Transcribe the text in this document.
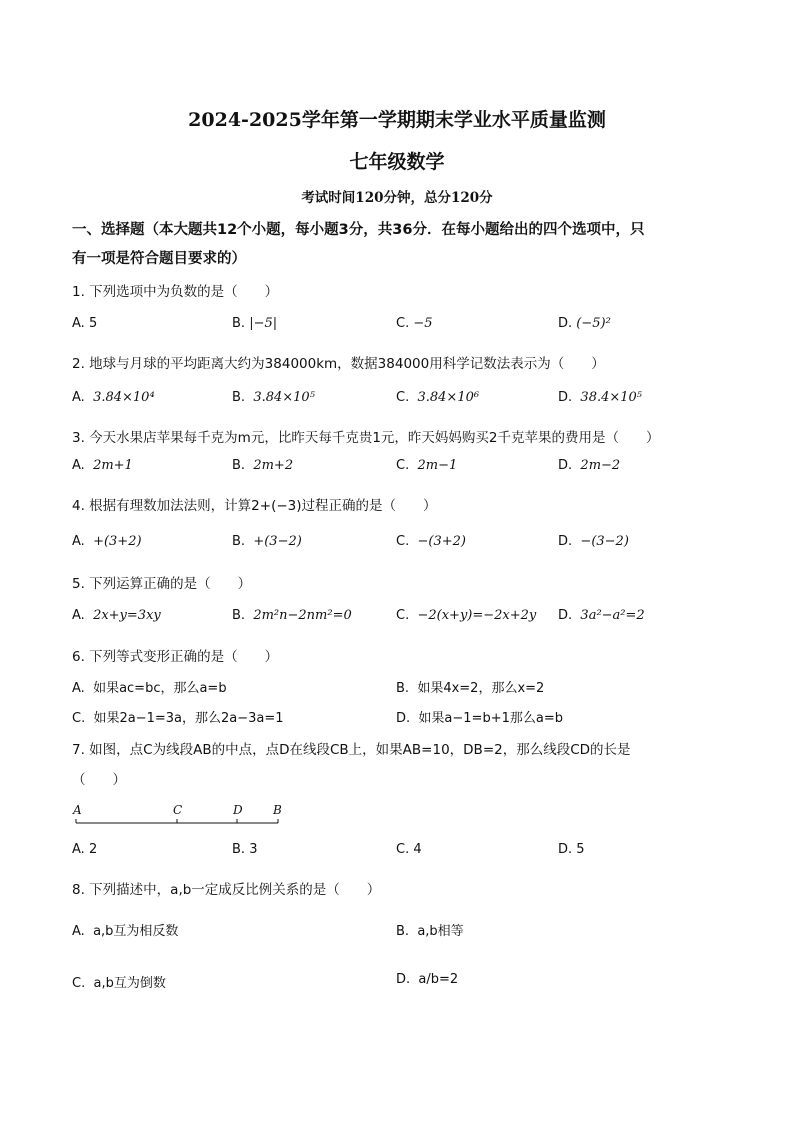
2024-2025学年第一学期期末学业水平质量监测
七年级数学
考试时间120分钟，总分120分
一、选择题（本大题共12个小题，每小题3分，共36分．在每小题给出的四个选项中，只
有一项是符合题目要求的）
1. 下列选项中为负数的是（　　）
A. 5	B. |−5|	C. −5	D. (−5)²
2. 地球与月球的平均距离大约为384000km，数据384000用科学记数法表示为（　　）
A. 3.84×10⁴	B. 3.84×10⁵	C. 3.84×10⁶	D. 38.4×10⁵
3. 今天水果店苹果每千克为m元，比昨天每千克贵1元，昨天妈妈购买2千克苹果的费用是（　　）
A. 2m+1	B. 2m+2	C. 2m−1	D. 2m−2
4. 根据有理数加法法则，计算2+(−3)过程正确的是（　　）
A. +(3+2)	B. +(3−2)	C. −(3+2)	D. −(3−2)
5. 下列运算正确的是（　　）
A. 2x+y=3xy	B. 2m²n−2nm²=0	C. −2(x+y)=−2x+2y D. 3a²−a²=2
6. 下列等式变形正确的是（　　）
A. 如果ac=bc，那么a=b	B. 如果4x=2，那么x=2
C. 如果2a−1=3a，那么2a−3a=1	D. 如果a−1=b+1那么a=b
7. 如图，点C为线段AB的中点，点D在线段CB上，如果AB=10，DB=2，那么线段CD的长是
（　　）
A	C	D	B
A. 2	B. 3	C. 4	D. 5
8. 下列描述中，a,b一定成反比例关系的是（　　）
A. a,b互为相反数	B. a,b相等
C. a,b互为倒数	D. a/b=2
